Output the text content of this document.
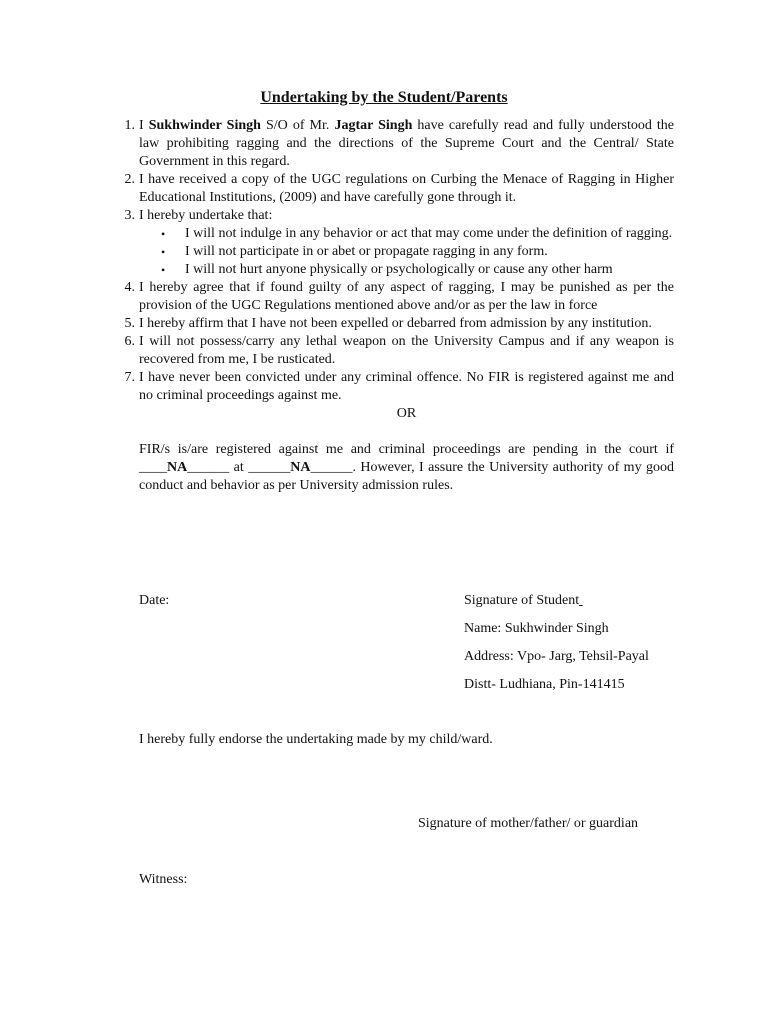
Undertaking by the Student/Parents
1. I Sukhwinder Singh S/O of Mr. Jagtar Singh have carefully read and fully understood the law prohibiting ragging and the directions of the Supreme Court and the Central/ State Government in this regard.
2. I have received a copy of the UGC regulations on Curbing the Menace of Ragging in Higher Educational Institutions, (2009) and have carefully gone through it.
3. I hereby undertake that:
• I will not indulge in any behavior or act that may come under the definition of ragging.
• I will not participate in or abet or propagate ragging in any form.
• I will not hurt anyone physically or psychologically or cause any other harm
4. I hereby agree that if found guilty of any aspect of ragging, I may be punished as per the provision of the UGC Regulations mentioned above and/or as per the law in force
5. I hereby affirm that I have not been expelled or debarred from admission by any institution.
6. I will not possess/carry any lethal weapon on the University Campus and if any weapon is recovered from me, I be rusticated.
7. I have never been convicted under any criminal offence. No FIR is registered against me and no criminal proceedings against me.
OR
FIR/s is/are registered against me and criminal proceedings are pending in the court if ____NA______ at ______NA______. However, I assure the University authority of my good conduct and behavior as per University admission rules.
Date:	Signature of Student
Name: Sukhwinder Singh
Address: Vpo- Jarg, Tehsil-Payal
Distt- Ludhiana, Pin-141415
I hereby fully endorse the undertaking made by my child/ward.
Signature of mother/father/ or guardian
Witness:
